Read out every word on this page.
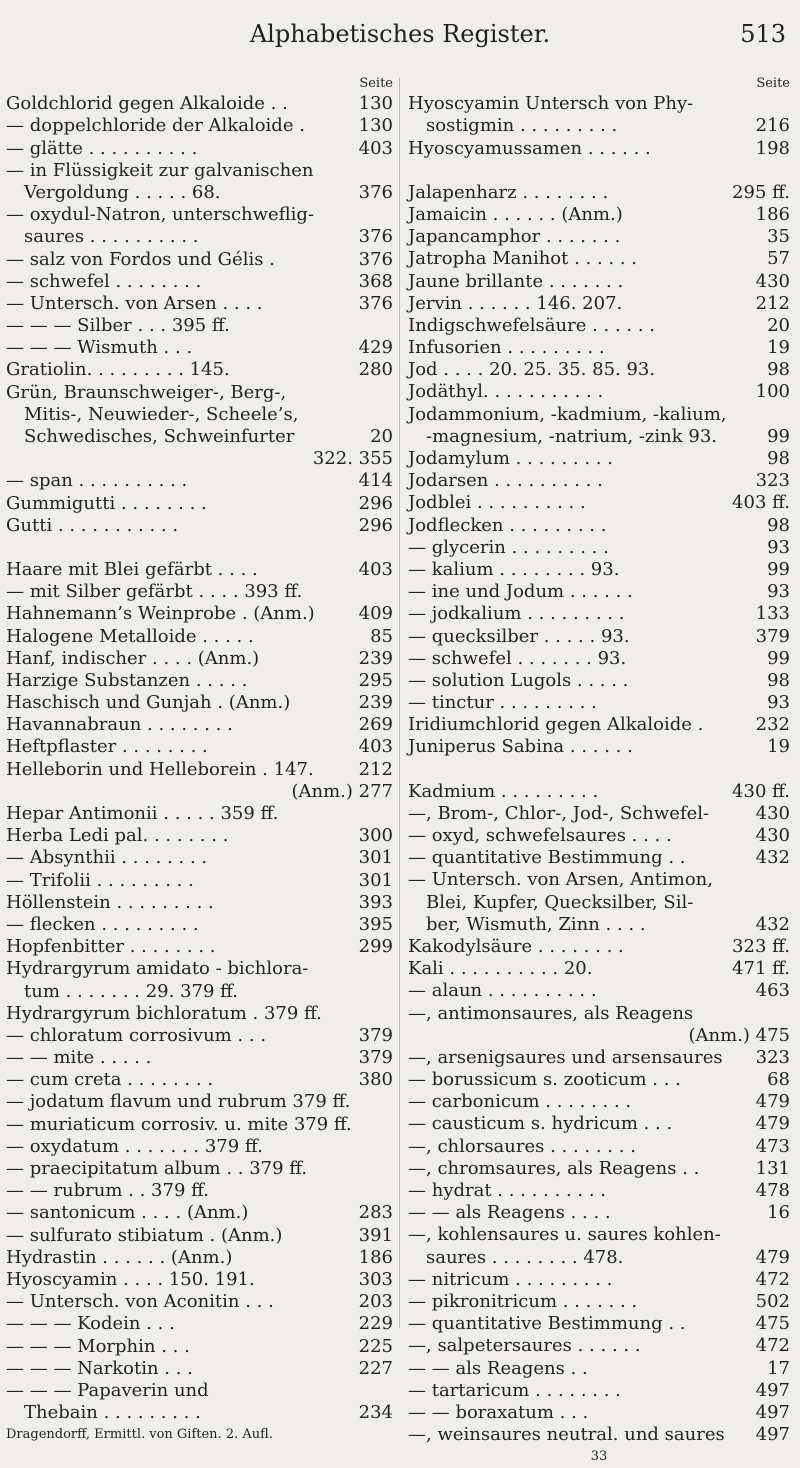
Alphabetisches Register.	513
Seite
Goldchlorid gegen Alkaloide . .	130
— doppelchloride der Alkaloide .	130
— glätte . . . . . . . . . .	403
— in Flüssigkeit zur galvanischen
Vergoldung . . . . . 68.	376
— oxydul-Natron, unterschweflig-
saures . . . . . . . . . .	376
— salz von Fordos und Gélis .	376
— schwefel . . . . . . . .	368
— Untersch. von Arsen . . . .	376
— — — Silber . . . 395 ff.
— — — Wismuth . . .	429
Gratiolin. . . . . . . . . 145.	280
Grün, Braunschweiger-, Berg-,
Mitis-, Neuwieder-, Scheele’s,
Schwedisches, Schweinfurter	20
322. 355
— span . . . . . . . . . .	414
Gummigutti . . . . . . . .	296
Gutti . . . . . . . . . . .	296
Haare mit Blei gefärbt . . . .	403
— mit Silber gefärbt . . . . 393 ff.
Hahnemann’s Weinprobe . (Anm.) 409
Halogene Metalloide . . . . .	85
Hanf, indischer . . . . (Anm.)	239
Harzige Substanzen . . . . .	295
Haschisch und Gunjah . (Anm.)	239
Havannabraun . . . . . . . .	269
Heftpflaster . . . . . . . .	403
Helleborin und Helleborein . 147. 212
(Anm.) 277
Hepar Antimonii . . . . . 359 ff.
Herba Ledi pal. . . . . . . .	300
— Absynthii . . . . . . . .	301
— Trifolii . . . . . . . . .	301
Höllenstein . . . . . . . . .	393
— flecken . . . . . . . . .	395
Hopfenbitter . . . . . . . .	299
Hydrargyrum amidato - bichlora-
tum . . . . . . . 29. 379 ff.
Hydrargyrum bichloratum . 379 ff.
— chloratum corrosivum . . .	379
— — mite . . . . .	379
— cum creta . . . . . . . .	380
— jodatum flavum und rubrum 379 ff.
— muriaticum corrosiv. u. mite 379 ff.
— oxydatum . . . . . . . 379 ff.
— praecipitatum album . . 379 ff.
— — rubrum . . 379 ff.
— santonicum . . . . (Anm.)	283
— sulfurato stibiatum . (Anm.)	391
Hydrastin . . . . . . (Anm.)	186
Hyoscyamin . . . . 150. 191.	303
— Untersch. von Aconitin . . .	203
— — — Kodein . . .	229
— — — Morphin . . .	225
— — — Narkotin . . .	227
— — — Papaverin und
Thebain . . . . . . . . .	234
Dragendorff, Ermittl. von Giften. 2. Aufl.
Seite
Hyoscyamin Untersch von Phy-
sostigmin . . . . . . . . .	216
Hyoscyamussamen . . . . . .	198
Jalapenharz . . . . . . . .	295 ff.
Jamaicin . . . . . . (Anm.)	186
Japancamphor . . . . . . .	35
Jatropha Manihot . . . . . .	57
Jaune brillante . . . . . . .	430
Jervin . . . . . . 146. 207.	212
Indigschwefelsäure . . . . . .	20
Infusorien . . . . . . . . .	19
Jod . . . . 20. 25. 35. 85. 93.	98
Jodäthyl. . . . . . . . . . .	100
Jodammonium, -kadmium, -kalium,
-magnesium, -natrium, -zink 93.	99
Jodamylum . . . . . . . . .	98
Jodarsen . . . . . . . . . .	323
Jodblei . . . . . . . . . .	403 ff.
Jodflecken . . . . . . . . .	98
— glycerin . . . . . . . . .	93
— kalium . . . . . . . . 93.	99
— ine und Jodum . . . . . .	93
— jodkalium . . . . . . . . .	133
— quecksilber . . . . . 93.	379
— schwefel . . . . . . . 93.	99
— solution Lugols . . . . .	98
— tinctur . . . . . . . . .	93
Iridiumchlorid gegen Alkaloide .	232
Juniperus Sabina . . . . . .	19
Kadmium . . . . . . . . .	430 ff.
—, Brom-, Chlor-, Jod-, Schwefel-	430
— oxyd, schwefelsaures . . . .	430
— quantitative Bestimmung . .	432
— Untersch. von Arsen, Antimon,
Blei, Kupfer, Quecksilber, Sil-
ber, Wismuth, Zinn . . . .	432
Kakodylsäure . . . . . . . .	323 ff.
Kali . . . . . . . . . . 20.	471 ff.
— alaun . . . . . . . . . .	463
—, antimonsaures, als Reagens
(Anm.) 475
—, arsenigsaures und arsensaures 323
— borussicum s. zooticum . . .	68
— carbonicum . . . . . . . .	479
— causticum s. hydricum . . .	479
—, chlorsaures . . . . . . . .	473
—, chromsaures, als Reagens . .	131
— hydrat . . . . . . . . . .	478
— — als Reagens . . . .	16
—, kohlensaures u. saures kohlen-
saures . . . . . . . . 478.	479
— nitricum . . . . . . . . .	472
— pikronitricum . . . . . . .	502
— quantitative Bestimmung . .	475
—, salpetersaures . . . . . .	472
— — als Reagens . .	17
— tartaricum . . . . . . . .	497
— — boraxatum . . .	497
—, weinsaures neutral. und saures 497
33
